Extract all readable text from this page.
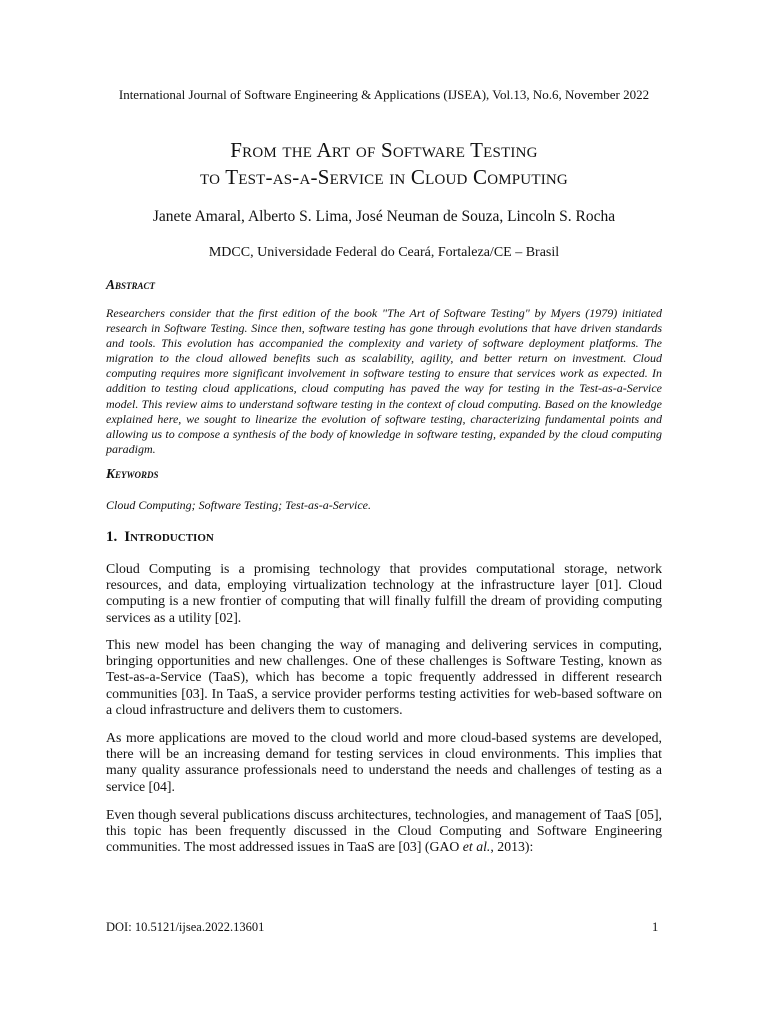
International Journal of Software Engineering & Applications (IJSEA), Vol.13, No.6, November 2022
From the Art of Software Testing
to Test-as-a-Service in Cloud Computing
Janete Amaral, Alberto S. Lima, José Neuman de Souza, Lincoln S. Rocha
MDCC, Universidade Federal do Ceará, Fortaleza/CE – Brasil
Abstract
Researchers consider that the first edition of the book "The Art of Software Testing" by Myers (1979) initiated research in Software Testing. Since then, software testing has gone through evolutions that have driven standards and tools. This evolution has accompanied the complexity and variety of software deployment platforms. The migration to the cloud allowed benefits such as scalability, agility, and better return on investment. Cloud computing requires more significant involvement in software testing to ensure that services work as expected. In addition to testing cloud applications, cloud computing has paved the way for testing in the Test-as-a-Service model. This review aims to understand software testing in the context of cloud computing. Based on the knowledge explained here, we sought to linearize the evolution of software testing, characterizing fundamental points and allowing us to compose a synthesis of the body of knowledge in software testing, expanded by the cloud computing paradigm.
Keywords
Cloud Computing; Software Testing; Test-as-a-Service.
1. Introduction
Cloud Computing is a promising technology that provides computational storage, network resources, and data, employing virtualization technology at the infrastructure layer [01]. Cloud computing is a new frontier of computing that will finally fulfill the dream of providing computing services as a utility [02].
This new model has been changing the way of managing and delivering services in computing, bringing opportunities and new challenges. One of these challenges is Software Testing, known as Test-as-a-Service (TaaS), which has become a topic frequently addressed in different research communities [03]. In TaaS, a service provider performs testing activities for web-based software on a cloud infrastructure and delivers them to customers.
As more applications are moved to the cloud world and more cloud-based systems are developed, there will be an increasing demand for testing services in cloud environments. This implies that many quality assurance professionals need to understand the needs and challenges of testing as a service [04].
Even though several publications discuss architectures, technologies, and management of TaaS [05], this topic has been frequently discussed in the Cloud Computing and Software Engineering communities. The most addressed issues in TaaS are [03] (GAO et al., 2013):
DOI: 10.5121/ijsea.2022.13601	1
